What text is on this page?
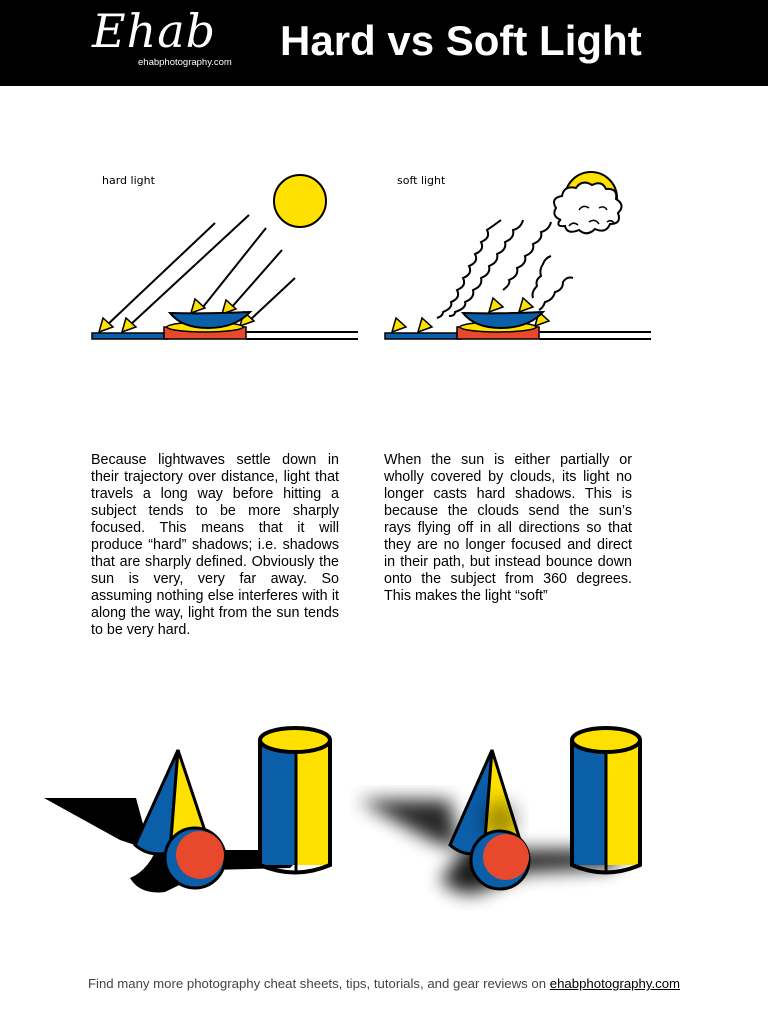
Ehab
ehabphotography.com Hard vs Soft Light
hard light	soft light
Because lightwaves settle down in their trajectory over distance, light that travels a long way before hitting a subject tends to be more sharply focused. This means that it will produce “hard” shadows; i.e. shadows that are sharply defined. Obviously the sun is very, very far away. So assuming nothing else interferes with it along the way, light from the sun tends to be very hard.
When the sun is either partially or wholly covered by clouds, its light no longer casts hard shadows. This is because the clouds send the sun’s rays flying off in all directions so that they are no longer focused and direct in their path, but instead bounce down onto the subject from 360 degrees. This makes the light “soft”
Find many more photography cheat sheets, tips, tutorials, and gear reviews on ehabphotography.com
